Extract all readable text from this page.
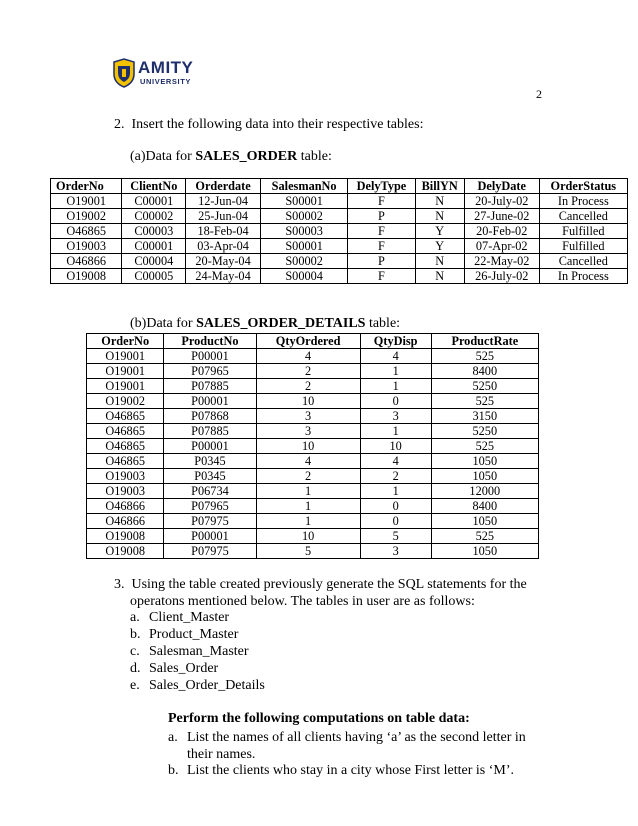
AMITY
UNIVERSITY
2
2. Insert the following data into their respective tables:
(a)Data for SALES_ORDER table:
OrderNo	ClientNo	Orderdate	SalesmanNo	DelyType	BillYN	DelyDate	OrderStatus
O19001	C00001	12-Jun-04	S00001	F	N	20-July-02	In Process
O19002	C00002	25-Jun-04	S00002	P	N	27-June-02	Cancelled
O46865	C00003	18-Feb-04	S00003	F	Y	20-Feb-02	Fulfilled
O19003	C00001	03-Apr-04	S00001	F	Y	07-Apr-02	Fulfilled
O46866	C00004	20-May-04	S00002	P	N	22-May-02	Cancelled
O19008	C00005	24-May-04	S00004	F	N	26-July-02	In Process
(b)Data for SALES_ORDER_DETAILS table:
OrderNo	ProductNo	QtyOrdered	QtyDisp	ProductRate
O19001	P00001	4	4	525
O19001	P07965	2	1	8400
O19001	P07885	2	1	5250
O19002	P00001	10	0	525
O46865	P07868	3	3	3150
O46865	P07885	3	1	5250
O46865	P00001	10	10	525
O46865	P0345	4	4	1050
O19003	P0345	2	2	1050
O19003	P06734	1	1	12000
O46866	P07965	1	0	8400
O46866	P07975	1	0	1050
O19008	P00001	10	5	525
O19008	P07975	5	3	1050
3. Using the table created previously generate the SQL statements for the
operatons mentioned below. The tables in user are as follows:
a. Client_Master
b. Product_Master
c. Salesman_Master
d. Sales_Order
e. Sales_Order_Details
Perform the following computations on table data:
a. List the names of all clients having ‘a’ as the second letter in
their names.
b. List the clients who stay in a city whose First letter is ‘M’.
